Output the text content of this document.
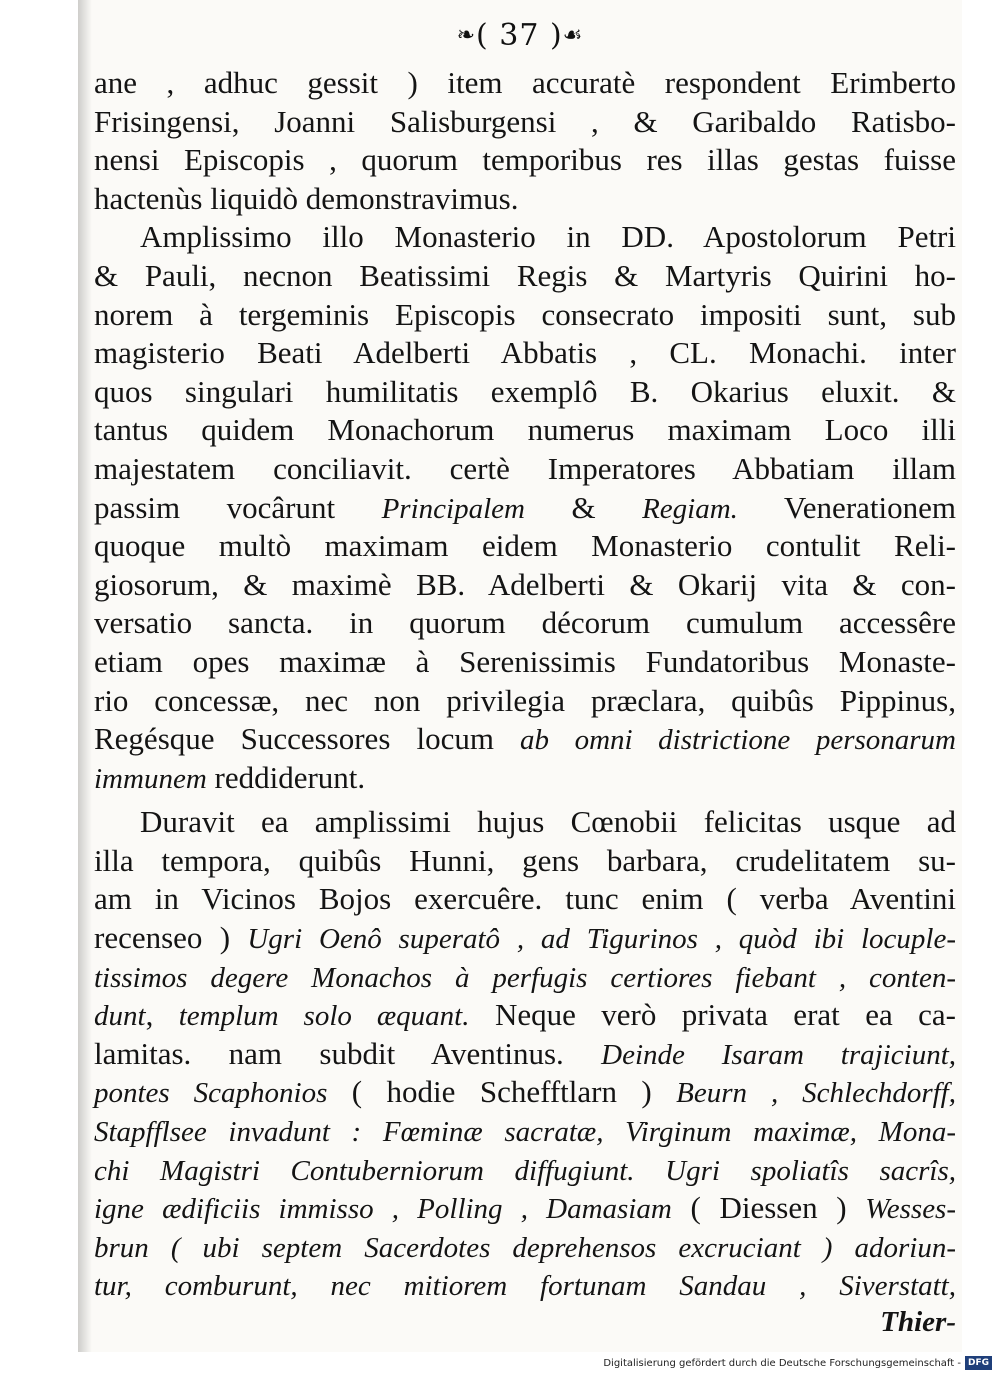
❧( 37 )☙
ane , adhuc gessit ) item accuratè respondent Erimberto
Frisingensi, Joanni Salisburgensi , & Garibaldo Ratisbo-
nensi Episcopis , quorum temporibus res illas gestas fuisse
hactenùs liquidò demonstravimus.
Amplissimo illo Monasterio in DD. Apostolorum Petri
& Pauli, necnon Beatissimi Regis & Martyris Quirini ho-
norem à tergeminis Episcopis consecrato impositi sunt, sub
magisterio Beati Adelberti Abbatis , CL. Monachi. inter
quos singulari humilitatis exemplô B. Okarius eluxit. &
tantus quidem Monachorum numerus maximam Loco illi
majestatem conciliavit. certè Imperatores Abbatiam illam
passim vocârunt Principalem & Regiam. Venerationem
quoque multò maximam eidem Monasterio contulit Reli-
giosorum, & maximè BB. Adelberti & Okarij vita & con-
versatio sancta. in quorum décorum cumulum accessêre
etiam opes maximæ à Serenissimis Fundatoribus Monaste-
rio concessæ, nec non privilegia præclara, quibûs Pippinus,
Regésque Successores locum ab omni districtione personarum
immunem reddiderunt.
Duravit ea amplissimi hujus Cœnobii felicitas usque ad
illa tempora, quibûs Hunni, gens barbara, crudelitatem su-
am in Vicinos Bojos exercuêre. tunc enim ( verba Aventini
recenseo ) Ugri Oenô superatô , ad Tigurinos , quòd ibi locuple-
tissimos degere Monachos à perfugis certiores fiebant , conten-
dunt, templum solo æquant. Neque verò privata erat ea ca-
lamitas. nam subdit Aventinus. Deinde Isaram trajiciunt,
pontes Scaphonios ( hodie Schefftlarn ) Beurn , Schlechdorff,
Stapfflsee invadunt : Fœminæ sacratæ, Virginum maximæ, Mona-
chi Magistri Contuberniorum diffugiunt. Ugri spoliatîs sacrîs,
igne ædificiis immisso , Polling , Damasiam ( Diessen ) Wesses-
brun ( ubi septem Sacerdotes deprehensos excruciant ) adoriun-
tur, comburunt, nec mitiorem fortunam Sandau , Siverstatt,
Thier-
Digitalisierung gefördert durch die Deutsche Forschungsgemeinschaft - DFG
